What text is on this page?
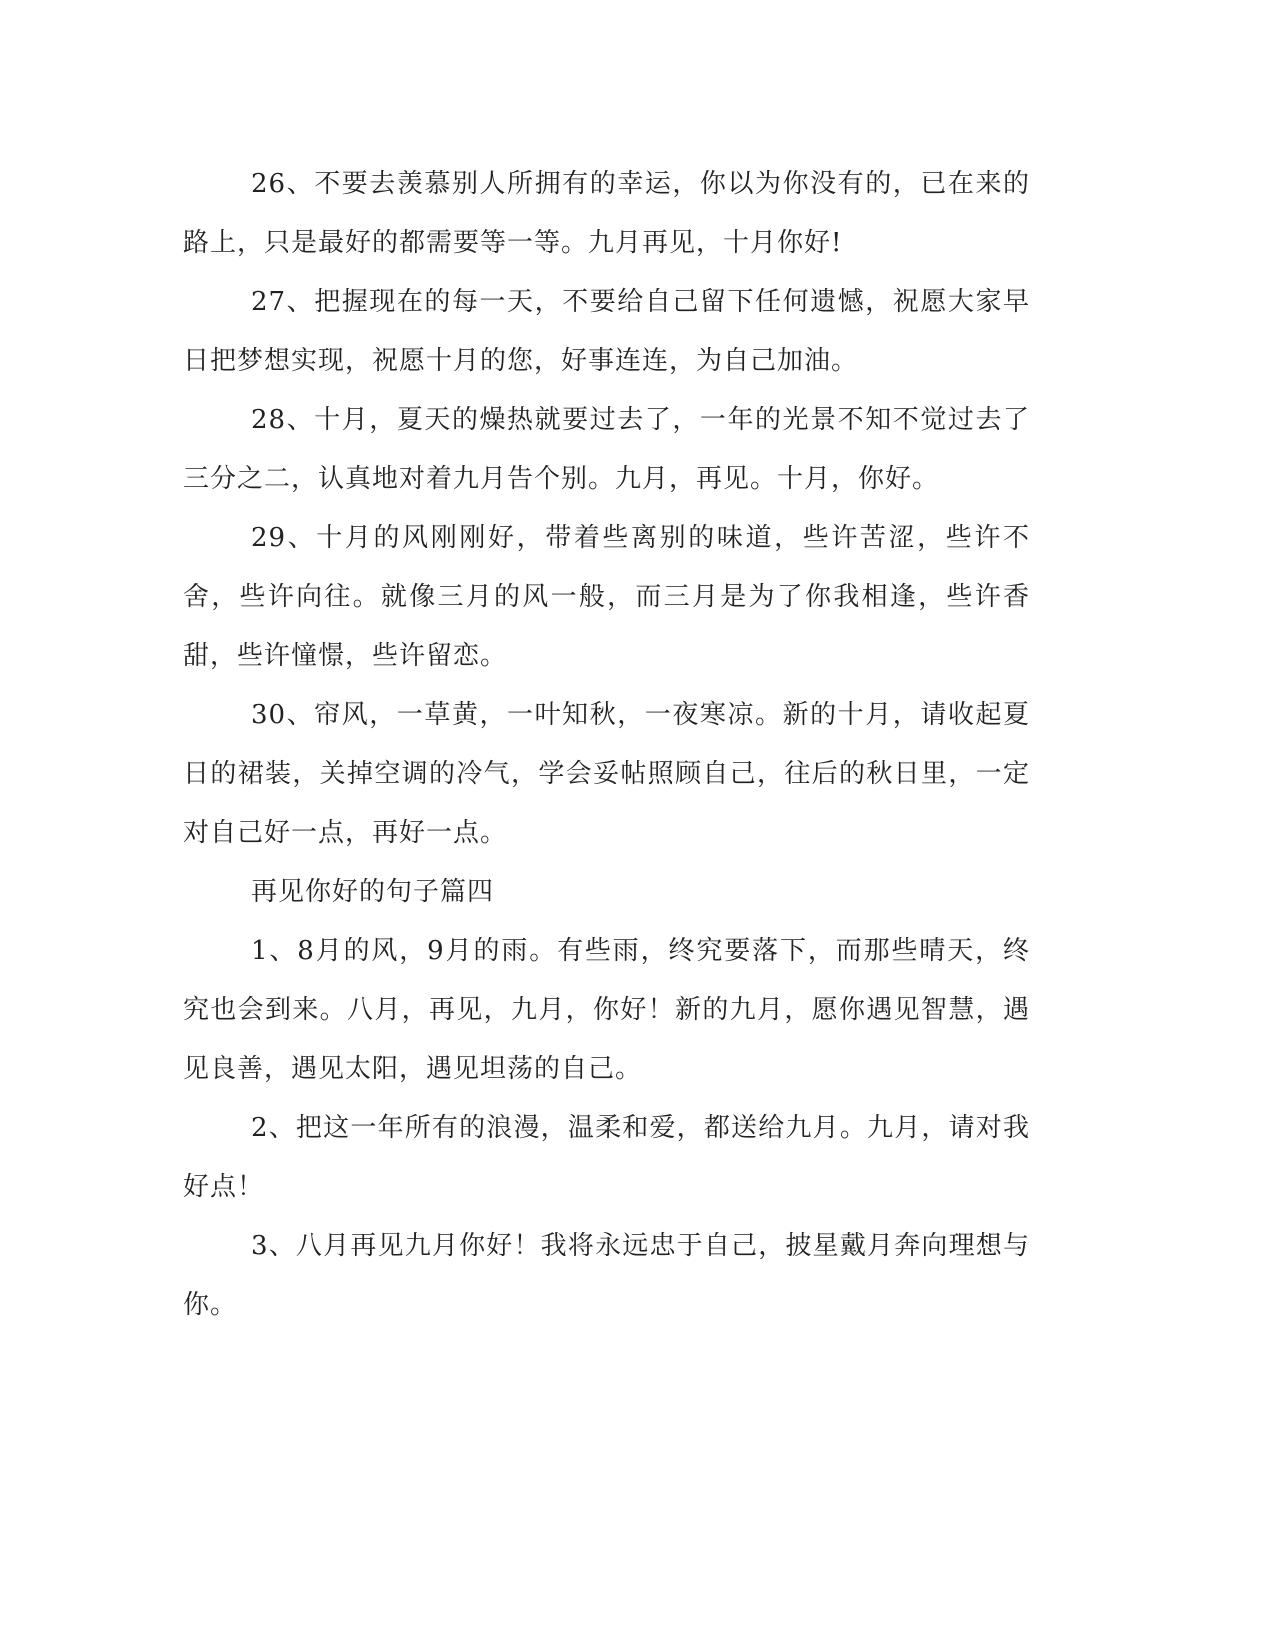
26、不要去羡慕别人所拥有的幸运，你以为你没有的，已在来的路上，只是最好的都需要等一等。九月再见，十月你好!

27、把握现在的每一天，不要给自己留下任何遗憾，祝愿大家早日把梦想实现，祝愿十月的您，好事连连，为自己加油。

28、十月，夏天的燥热就要过去了，一年的光景不知不觉过去了三分之二，认真地对着九月告个别。九月，再见。十月，你好。

29、十月的风刚刚好，带着些离别的味道，些许苦涩，些许不舍，些许向往。就像三月的风一般，而三月是为了你我相逢，些许香甜，些许憧憬，些许留恋。

30、帘风，一草黄，一叶知秋，一夜寒凉。新的十月，请收起夏日的裙装，关掉空调的冷气，学会妥帖照顾自己，往后的秋日里，一定对自己好一点，再好一点。

再见你好的句子篇四

1、8月的风，9月的雨。有些雨，终究要落下，而那些晴天，终究也会到来。八月，再见，九月，你好！新的九月，愿你遇见智慧，遇见良善，遇见太阳，遇见坦荡的自己。

2、把这一年所有的浪漫，温柔和爱，都送给九月。九月，请对我好点！

3、八月再见九月你好！我将永远忠于自己，披星戴月奔向理想与你。
